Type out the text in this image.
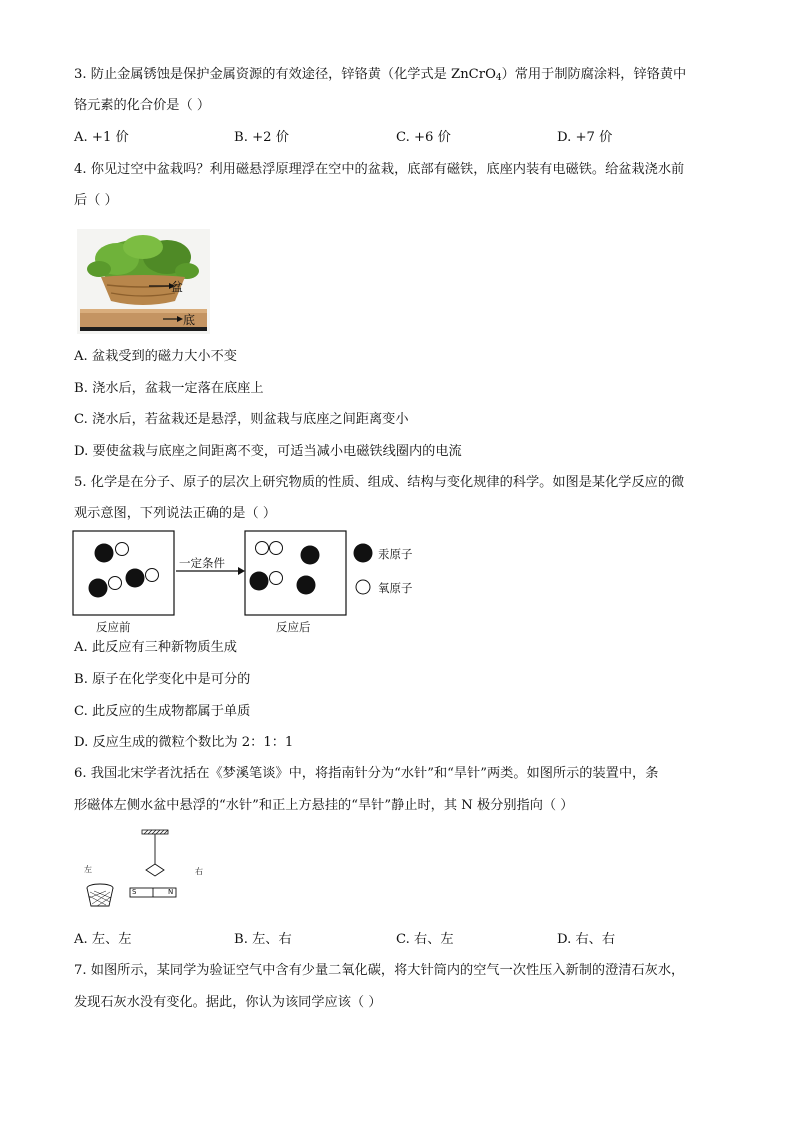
3. 防止金属锈蚀是保护金属资源的有效途径，锌铬黄（化学式是 ZnCrO$_4$）常用于制防腐涂料，锌铬黄中
铬元素的化合价是（ ）
A. +1 价	B. +2 价	C. +6 价	D. +7 价
4. 你见过空中盆栽吗？利用磁悬浮原理浮在空中的盆栽，底部有磁铁，底座内装有电磁铁。给盆栽浇水前
后（ ）
盆
底
A. 盆栽受到的磁力大小不变
B. 浇水后，盆栽一定落在底座上
C. 浇水后，若盆栽还是悬浮，则盆栽与底座之间距离变小
D. 要使盆栽与底座之间距离不变，可适当减小电磁铁线圈内的电流
5. 化学是在分子、原子的层次上研究物质的性质、组成、结构与变化规律的科学。如图是某化学反应的微
观示意图，下列说法正确的是（ ）
一定条件
反应前	反应后
汞原子
氧原子
A. 此反应有三种新物质生成
B. 原子在化学变化中是可分的
C. 此反应的生成物都属于单质
D. 反应生成的微粒个数比为 2：1：1
6. 我国北宋学者沈括在《梦溪笔谈》中，将指南针分为“水针”和“旱针”两类。如图所示的装置中，条
形磁体左侧水盆中悬浮的“水针”和正上方悬挂的“旱针”静止时，其 N 极分别指向（ ）
左	右
S	N
A. 左、左	B. 左、右	C. 右、左	D. 右、右
7. 如图所示，某同学为验证空气中含有少量二氧化碳，将大针筒内的空气一次性压入新制的澄清石灰水，
发现石灰水没有变化。据此，你认为该同学应该（ ）
